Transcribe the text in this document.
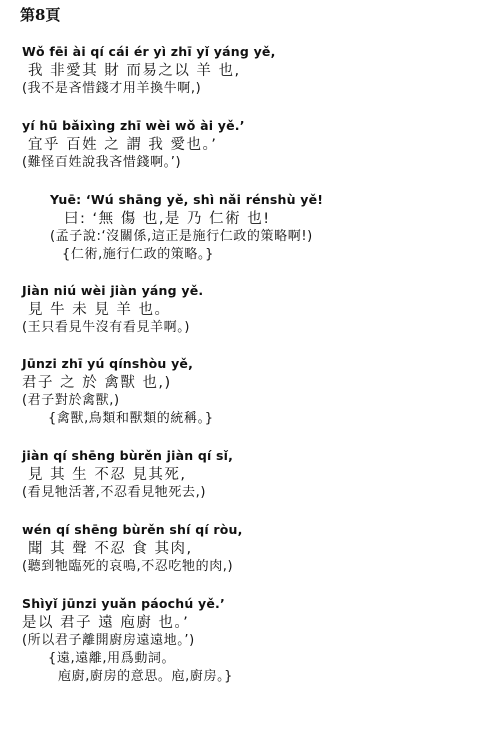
第8頁
Wǒ fēi ài qí cái ér yì zhī yǐ yáng yě,
我 非愛其 財 而易之以 羊 也,
(我不是吝惜錢才用羊換牛啊,)
yí hū bǎixìng zhī wèi wǒ ài yě.’
宜乎 百姓 之 謂 我 愛也。’
(難怪百姓說我吝惜錢啊。’)
Yuē: ‘Wú shāng yě, shì nǎi rénshù yě!
曰: ‘無 傷 也,是 乃 仁術 也!
(孟子說:‘沒關係,這正是施行仁政的策略啊!)
{仁術,施行仁政的策略。}
Jiàn niú wèi jiàn yáng yě.
見 牛 未 見 羊 也。
(王只看見牛沒有看見羊啊。)
Jūnzi zhī yú qínshòu yě,
君子 之 於 禽獸 也,)
(君子對於禽獸,)
{禽獸,鳥類和獸類的統稱。}
jiàn qí shēng bùrěn jiàn qí sǐ,
見 其 生 不忍 見其死,
(看見牠活著,不忍看見牠死去,)
wén qí shēng bùrěn shí qí ròu,
聞 其 聲 不忍 食 其肉,
(聽到牠臨死的哀鳴,不忍吃牠的肉,)
Shìyǐ jūnzi yuǎn páochú yě.’
是以 君子 遠 庖廚 也。’
(所以君子離開廚房遠遠地。’)
{遠,遠離,用爲動詞。
庖廚,廚房的意思。庖,廚房。}
